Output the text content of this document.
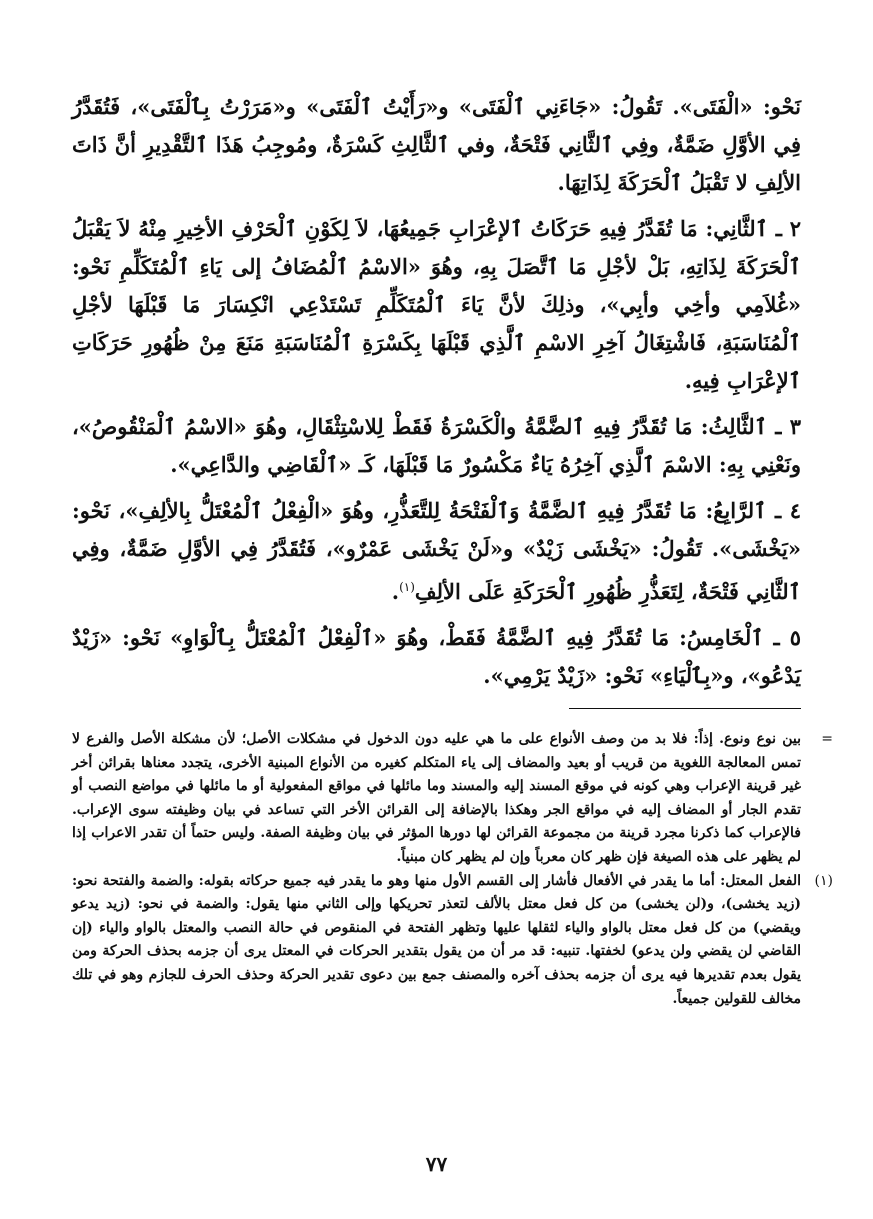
نَحْو: «الْفَتَى». تَقُولُ: «جَاءَنِي ٱلْفَتَى» و«رَأَيْتُ ٱلْفَتَى» و«مَرَرْتُ بِٱلْفَتَى»، فَتُقَدَّرُ فِي الأوَّلِ ضَمَّةٌ، وفِي ٱلثَّانِي فَتْحَةٌ، وفي ٱلثَّالِثِ كَسْرَةٌ، ومُوجِبُ هَذَا ٱلتَّقْدِيرِ أنَّ ذَاتَ الألِفِ لا تَقْبَلُ ٱلْحَرَكَةَ لِذَاتِهَا.

٢ ـ ٱلثَّانِي: مَا تُقَدَّرُ فِيهِ حَرَكَاتُ ٱلإعْرَابِ جَمِيعُهَا، لاَ لِكَوْنِ ٱلْحَرْفِ الأخِيرِ مِنْهُ لاَ يَقْبَلُ ٱلْحَرَكَةَ لِذَاتِهِ، بَلْ لأجْلِ مَا ٱتَّصَلَ بِهِ، وهُوَ «الاسْمُ ٱلْمُضَافُ إلى يَاءِ ٱلْمُتَكَلِّمِ نَحْو: «غُلاَمِي وأخِي وأبِي»، وذلِكَ لأنَّ يَاءَ ٱلْمُتَكَلِّمِ تَسْتَدْعِي انْكِسَارَ مَا قَبْلَهَا لأجْلِ ٱلْمُنَاسَبَةِ، فَاشْتِغَالُ آخِرِ الاسْمِ ٱلَّذِي قَبْلَهَا بِكَسْرَةِ ٱلْمُنَاسَبَةِ مَنَعَ مِنْ ظُهُورِ حَرَكَاتِ ٱلإعْرَابِ فِيهِ.

٣ ـ ٱلثَّالِثُ: مَا تُقَدَّرُ فِيهِ ٱلضَّمَّةُ والْكَسْرَةُ فَقَطْ لِلاسْتِثْقَالِ، وهُوَ «الاسْمُ ٱلْمَنْقُوصُ»، ونَعْنِي بِهِ: الاسْمَ ٱلَّذِي آخِرُهُ يَاءٌ مَكْسُورٌ مَا قَبْلَهَا، كَـ «ٱلْقَاضِي والدَّاعِي».

٤ ـ ٱلرَّابِعُ: مَا تُقَدَّرُ فِيهِ ٱلضَّمَّةُ وَٱلْفَتْحَةُ لِلتَّعَذُّرِ، وهُوَ «الْفِعْلُ ٱلْمُعْتَلُّ بِالألِفِ»، نَحْو: «يَخْشَى». تَقُولُ: «يَخْشَى زَيْدٌ» و«لَنْ يَخْشَى عَمْرٌو»، فَتُقَدَّرُ فِي الأوَّلِ ضَمَّةٌ، وفِي ٱلثَّانِي فَتْحَةٌ، لِتَعَذُّرِ ظُهُورِ ٱلْحَرَكَةِ عَلَى الألِفِ$^{(١)}$.

٥ ـ ٱلْخَامِسُ: مَا تُقَدَّرُ فِيهِ ٱلضَّمَّةُ فَقَطْ، وهُوَ «ٱلْفِعْلُ ٱلْمُعْتَلُّ بِٱلْوَاوِ» نَحْو: «زَيْدٌ يَدْعُو»، و«بِٱلْيَاءِ» نَحْو: «زَيْدٌ يَرْمِي».

=
بين نوع ونوع. إذاً: فلا بد من وصف الأنواع على ما هي عليه دون الدخول في مشكلات الأصل؛ لأن مشكلة الأصل والفرع لا تمس المعالجة اللغوية من قريب أو بعيد والمضاف إلى ياء المتكلم كغيره من الأنواع المبنية الأخرى، يتجدد معناها بقرائن أخر غير قرينة الإعراب وهي كونه في موقع المسند إليه والمسند وما مائلها في مواقع المفعولية أو ما مائلها في مواضع النصب أو تقدم الجار أو المضاف إليه في مواقع الجر وهكذا بالإضافة إلى القرائن الأخر التي تساعد في بيان وظيفته سوى الإعراب. فالإعراب كما ذكرنا مجرد قرينة من مجموعة القرائن لها دورها المؤثر في بيان وظيفة الصفة. وليس حتماً أن تقدر الاعراب إذا لم يظهر على هذه الصيغة فإن ظهر كان معرباً وإن لم يظهر كان مبنياً.
(١)
الفعل المعتل: أما ما يقدر في الأفعال فأشار إلى القسم الأول منها وهو ما يقدر فيه جميع حركاته بقوله: والضمة والفتحة نحو: (زيد يخشى)، و(لن يخشى) من كل فعل معتل بالألف لتعذر تحريكها وإلى الثاني منها يقول: والضمة في نحو: (زيد يدعو ويقضي) من كل فعل معتل بالواو والياء لثقلها عليها وتظهر الفتحة في المنقوص في حالة النصب والمعتل بالواو والياء (إن القاضي لن يقضي ولن يدعو) لخفتها. تنبيه: قد مر أن من يقول بتقدير الحركات في المعتل يرى أن جزمه بحذف الحركة ومن يقول بعدم تقديرها فيه يرى أن جزمه بحذف آخره والمصنف جمع بين دعوى تقدير الحركة وحذف الحرف للجازم وهو في تلك مخالف للقولين جميعاً.
٧٧
